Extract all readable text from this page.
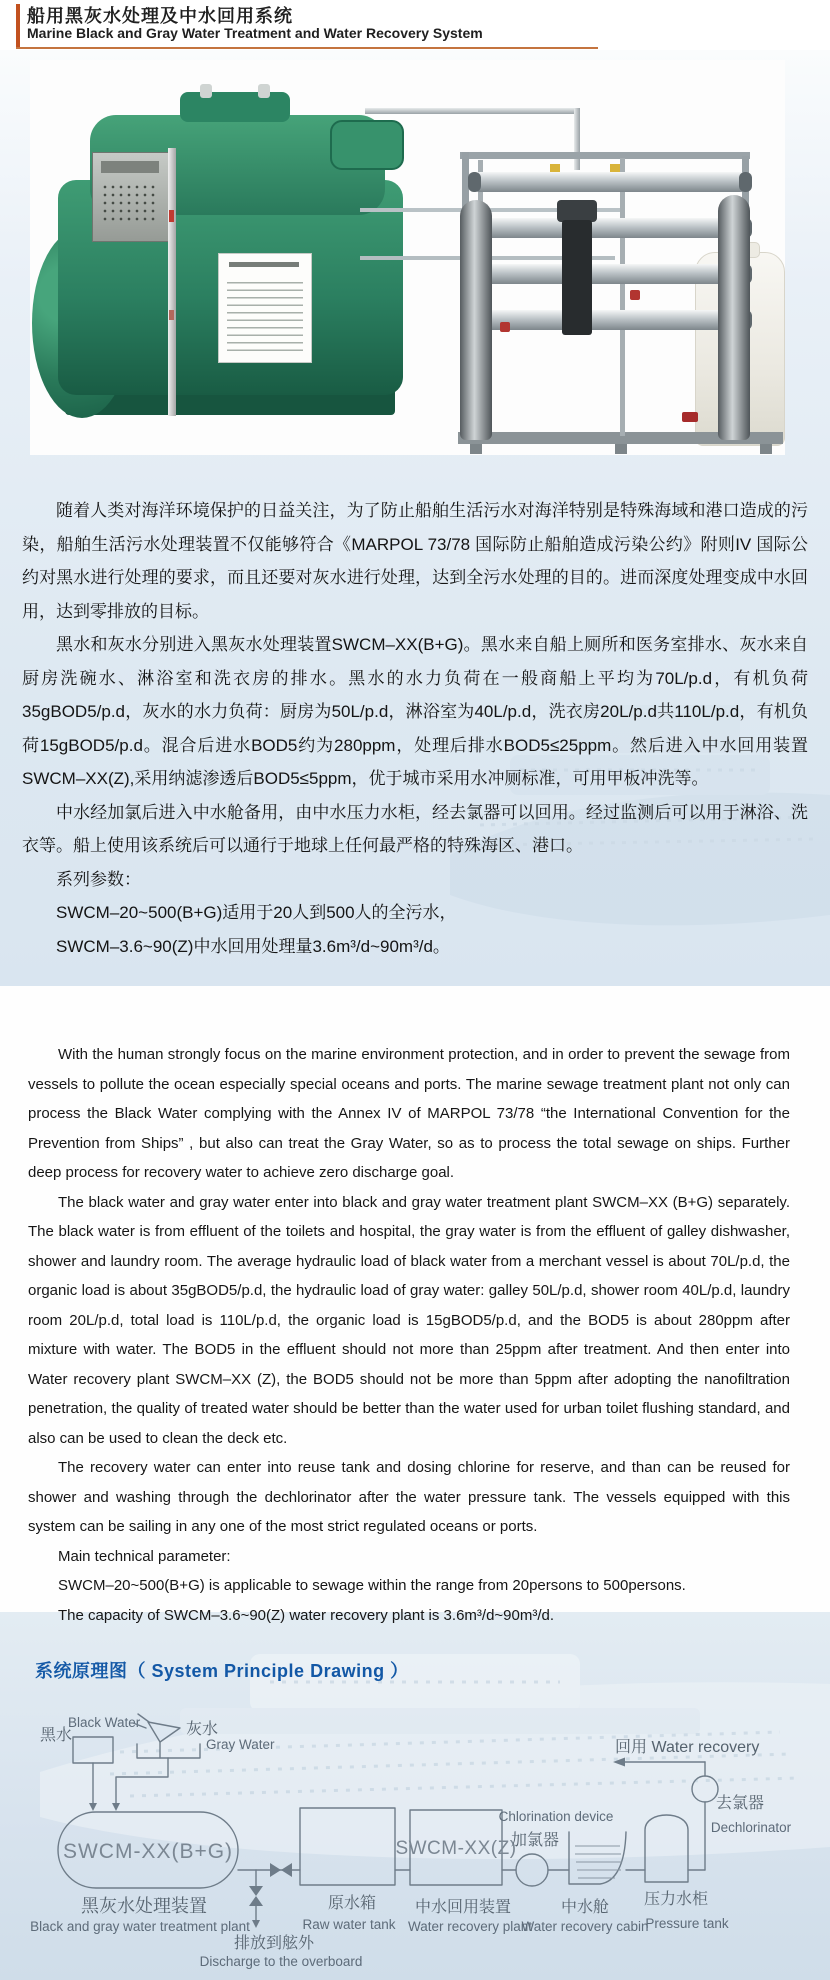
船用黑灰水处理及中水回用系统
Marine Black and Gray Water Treatment and Water Recovery System

随着人类对海洋环境保护的日益关注，为了防止船舶生活污水对海洋特别是特殊海域和港口造成的污染，船舶生活污水处理装置不仅能够符合《MARPOL 73/78 国际防止船舶造成污染公约》附则IV 国际公约对黑水进行处理的要求，而且还要对灰水进行处理，达到全污水处理的目的。进而深度处理变成中水回用，达到零排放的目标。

黑水和灰水分别进入黑灰水处理装置SWCM–XX(B+G)。黑水来自船上厕所和医务室排水、灰水来自厨房洗碗水、淋浴室和洗衣房的排水。黑水的水力负荷在一般商船上平均为70L/p.d，有机负荷35gBOD5/p.d，灰水的水力负荷：厨房为50L/p.d，淋浴室为40L/p.d，洗衣房20L/p.d共110L/p.d，有机负荷15gBOD5/p.d。混合后进水BOD5约为280ppm，处理后排水BOD5≤25ppm。然后进入中水回用装置SWCM–XX(Z),采用纳滤渗透后BOD5≤5ppm，优于城市采用水冲厕标准，可用甲板冲洗等。

中水经加氯后进入中水舱备用，由中水压力水柜，经去氯器可以回用。经过监测后可以用于淋浴、洗衣等。船上使用该系统后可以通行于地球上任何最严格的特殊海区、港口。

系列参数：

SWCM–20~500(B+G)适用于20人到500人的全污水，

SWCM–3.6~90(Z)中水回用处理量3.6m³/d~90m³/d。

With the human strongly focus on the marine environment protection, and in order to prevent the sewage from vessels to pollute the ocean especially special oceans and ports. The marine sewage treatment plant not only can process the Black Water complying with the Annex IV of MARPOL 73/78 “the International Convention for the Prevention from Ships” , but also can treat the Gray Water, so as to process the total sewage on ships. Further deep process for recovery water to achieve zero discharge goal.

The black water and gray water enter into black and gray water treatment plant SWCM–XX (B+G) separately. The black water is from effluent of the toilets and hospital, the gray water is from the effluent of galley dishwasher, shower and laundry room. The average hydraulic load of black water from a merchant vessel is about 70L/p.d, the organic load is about 35gBOD5/p.d, the hydraulic load of gray water: galley 50L/p.d, shower room 40L/p.d, laundry room 20L/p.d, total load is 110L/p.d, the organic load is 15gBOD5/p.d, and the BOD5 is about 280ppm after mixture with water. The BOD5 in the effluent should not more than 25ppm after treatment. And then enter into Water recovery plant SWCM–XX (Z), the BOD5 should not be more than 5ppm after adopting the nanofiltration penetration, the quality of treated water should be better than the water used for urban toilet flushing standard, and also can be used to clean the deck etc.

The recovery water can enter into reuse tank and dosing chlorine for reserve, and than can be reused for shower and washing through the dechlorinator after the water pressure tank. The vessels equipped with this system can be sailing in any one of the most strict regulated oceans or ports.

Main technical parameter:

SWCM–20~500(B+G) is applicable to sewage within the range from 20persons to 500persons.

The capacity of SWCM–3.6~90(Z) water recovery plant is 3.6m³/d~90m³/d.

系统原理图（ System Principle Drawing ）
黑水
Black Water	灰水
Gray Water
SWCM-XX(B+G)
黑灰水处理装置
Black and gray water treatment plant
排放到舷外
Discharge to the overboard
原水箱
Raw water tank
SWCM-XX(Z)
中水回用装置
Water recovery plant
Chlorination device
加氯器
中水舱
Water recovery cabin
压力水柜
Pressure tank
回用 Water recovery
去氯器
Dechlorinator
